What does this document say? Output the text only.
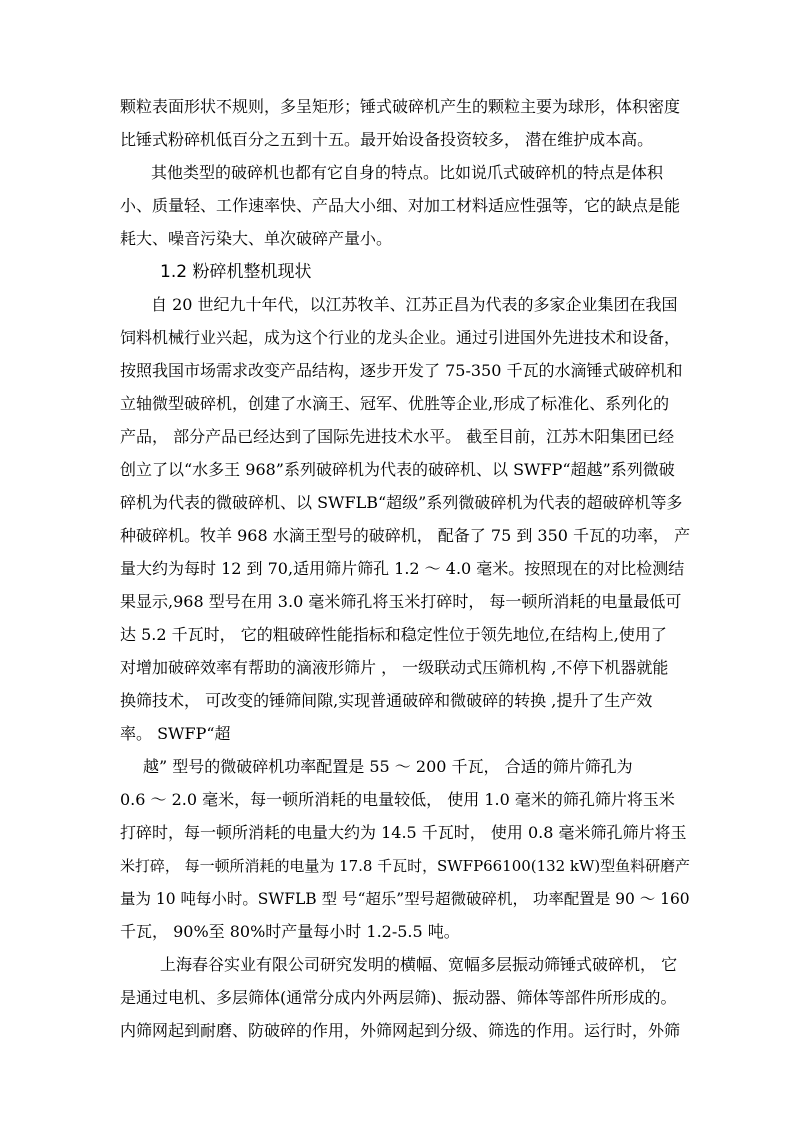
颗粒表面形状不规则，多呈矩形；锤式破碎机产生的颗粒主要为球形，体积密度
比锤式粉碎机低百分之五到十五。最开始设备投资较多， 潜在维护成本高。
其他类型的破碎机也都有它自身的特点。比如说爪式破碎机的特点是体积
小、质量轻、工作速率快、产品大小细、对加工材料适应性强等，它的缺点是能
耗大、噪音污染大、单次破碎产量小。
1.2 粉碎机整机现状
自 20 世纪九十年代，以江苏牧羊、江苏正昌为代表的多家企业集团在我国
饲料机械行业兴起，成为这个行业的龙头企业。通过引进国外先进技术和设备，
按照我国市场需求改变产品结构，逐步开发了 75-350 千瓦的水滴锤式破碎机和
立轴微型破碎机，创建了水滴王、冠军、优胜等企业,形成了标准化、系列化的
产品， 部分产品已经达到了国际先进技术水平。 截至目前，江苏木阳集团已经
创立了以“水多王 968”系列破碎机为代表的破碎机、以 SWFP“超越”系列微破
碎机为代表的微破碎机、以 SWFLB“超级”系列微破碎机为代表的超破碎机等多
种破碎机。牧羊 968 水滴王型号的破碎机， 配备了 75 到 350 千瓦的功率， 产
量大约为每时 12 到 70,适用筛片筛孔 1.2 ～ 4.0 毫米。按照现在的对比检测结
果显示,968 型号在用 3.0 毫米筛孔将玉米打碎时， 每一顿所消耗的电量最低可
达 5.2 千瓦时， 它的粗破碎性能指标和稳定性位于领先地位,在结构上,使用了
对增加破碎效率有帮助的滴液形筛片 ， 一级联动式压筛机构 ,不停下机器就能
换筛技术， 可改变的锤筛间隙,实现普通破碎和微破碎的转换 ,提升了生产效
率。 SWFP“超
越” 型号的微破碎机功率配置是 55 ～ 200 千瓦， 合适的筛片筛孔为
0.6 ～ 2.0 毫米，每一顿所消耗的电量较低， 使用 1.0 毫米的筛孔筛片将玉米
打碎时，每一顿所消耗的电量大约为 14.5 千瓦时， 使用 0.8 毫米筛孔筛片将玉
米打碎， 每一顿所消耗的电量为 17.8 千瓦时，SWFP66100(132 kW)型鱼料研磨产
量为 10 吨每小时。SWFLB 型 号“超乐”型号超微破碎机， 功率配置是 90 ～ 160
千瓦， 90%至 80%时产量每小时 1.2-5.5 吨。
上海春谷实业有限公司研究发明的横幅、宽幅多层振动筛锤式破碎机， 它
是通过电机、多层筛体(通常分成内外两层筛)、振动器、筛体等部件所形成的。
内筛网起到耐磨、防破碎的作用，外筛网起到分级、筛选的作用。运行时，外筛
